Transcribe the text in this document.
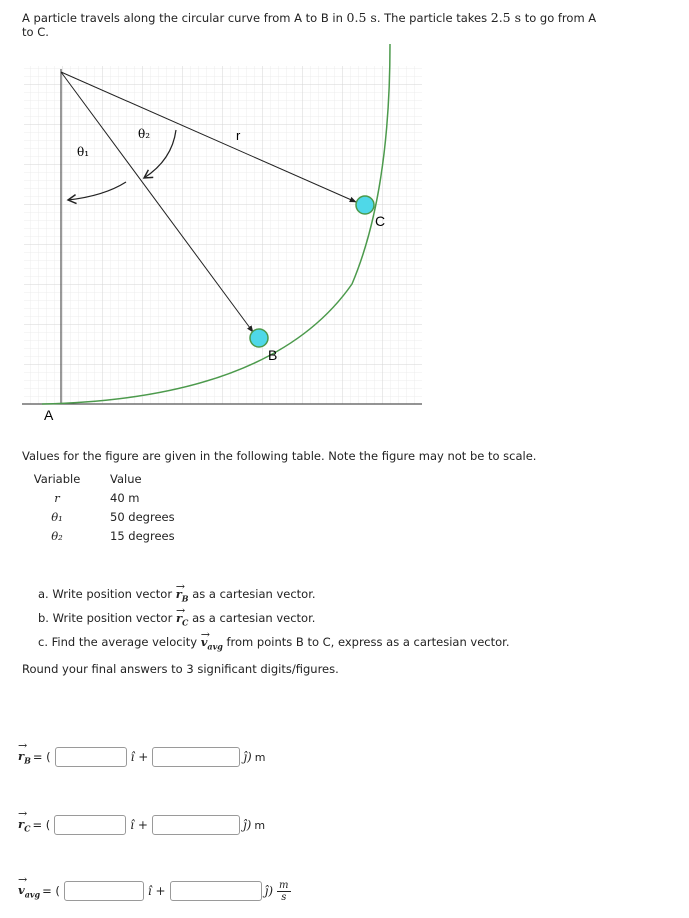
A particle travels along the circular curve from A to B in 0.5 s. The particle takes 2.5 s to go from A
to C.
θ₁
θ₂	r
A
B
C
Values for the figure are given in the following table. Note the figure may not be to scale.
Variable	Value
r	40 m
θ₁	50 degrees
θ₂	15 degrees
a. Write position vector → $r_B$ as a cartesian vector.
b. Write position vector → $r_C$ as a cartesian vector.
c. Find the average velocity → $v_{avg}$ from points B to C, express as a cartesian vector.
Round your final answers to 3 significant digits/figures.
→ $r_B$ = (	î +	ĵ) m
→ $r_C$ = (	î +	ĵ) m
→ $v_{avg}$ = (	î +	ĵ) $\frac{m}{s}$
